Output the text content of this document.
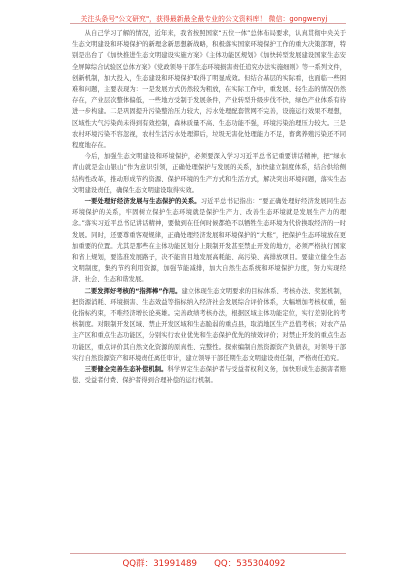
关注头条号"公文研究"，获得最新最全最专业的公文资料库！ 微信：gongwenyj

从自己学习了解的情况，近年来，我省按照国家“五位一体”总体布局要求，认真贯彻中央关于生态文明建设和环境保护的新理念新思想新战略，积极落实国家环境保护工作的重大决策部署，特别是出台了《加快推进生态文明建设实施方案》《主体功能区规划》《加快转型发展建设国家生态安全屏障综合试验区总体方案》《党政领导干部生态环境损害责任追究办法实施细则》等一系列文件，创新机制，加大投入，生态建设和环境保护取得了明显成效。但结合基层的实际看，也面临一些困难和问题，主要表现为：一是发展方式仍然较为粗放，在实际工作中，重发展、轻生态的情况仍然存在，产业层次整体偏低，一些地方受制于发展条件，产业转型升级步伐不快，绿色产业体系有待进一步构建。二是巩固提升污染整治压力较大，污水处理配套管网不完善，设施运行效果不理想，区域性大气污染尚未得到有效控制，森林质量不高、生态功能不强，环境污染治理压力较大。三是农村环境污染不容忽视，农村生活污水处理滞后，垃圾无害化处理能力不足，畜禽养殖污染还不同程度地存在。

今后，加强生态文明建设和环境保护，必须要深入学习习近平总书记重要讲话精神，把“绿水青山就是金山银山”作为意识引领，正确处理保护与发展的关系，加快建立制度体系，结合供给侧结构性改革，推动形成节约资源、保护环境的生产方式和生活方式，解决突出环境问题，落实生态文明建设责任，确保生态文明建设取得实效。

一要处理好经济发展与生态保护的关系。习近平总书记指出：“要正确处理好经济发展同生态环境保护的关系，牢固树立保护生态环境就是保护生产力、改善生态环境就是发展生产力的理念。”落实习近平总书记讲话精神，要做到在任何时候都绝不以牺牲生态环境为代价换取经济的一时发展。同时，还要尊重客观规律，正确处理经济发展和环境保护的“大账”，把保护生态环境放在更加重要的位置。尤其是那些在主体功能区划分上限制开发甚至禁止开发的地方，必须严格执行国家和省上规划，要选准发展路子，决不能盲目地发展高耗能、高污染、高排放项目。要建立健全生态文明制度，集约节约利用资源，加强节能减排，加大自然生态系统和环境保护力度，努力实现经济、社会、生态和谐发展。

二要发挥好考核的“指挥棒”作用。建立体现生态文明要求的目标体系、考核办法、奖惩机制，把资源消耗、环境损害、生态效益等指标纳入经济社会发展综合评价体系，大幅增加考核权重，强化指标约束，不唯经济增长论英雄。完善政绩考核办法，根据区域主体功能定位，实行差别化的考核制度。对限制开发区域、禁止开发区域和生态脆弱的重点县，取消地区生产总值考核；对农产品主产区和重点生态功能区，分别实行农业优先和生态保护优先的绩效评价；对禁止开发的重点生态功能区，重点评价其自然文化资源的原真性、完整性。探索编制自然资源资产负债表，对领导干部实行自然资源资产和环境责任离任审计，建立领导干部任期生态文明建设责任制，严格责任追究。

三要健全完善生态补偿机制。科学界定生态保护者与受益者权利义务，加快形成生态损害者赔偿、受益者付费、保护者得到合理补偿的运行机制。

QQ群：31991489　　QQ：535304092
